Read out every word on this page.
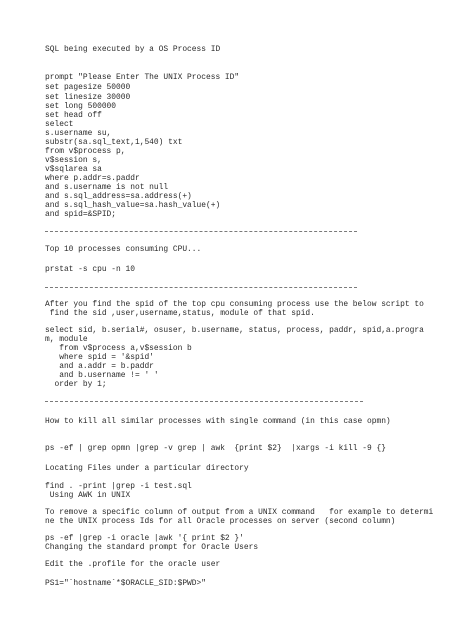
SQL being executed by a OS Process ID

prompt "Please Enter The UNIX Process ID"

set pagesize 50000

set linesize 30000

set long 500000

set head off

select

s.username su,

substr(sa.sql_text,1,540) txt

from v$process p,

v$session s,

v$sqlarea sa

where p.addr=s.paddr

and s.username is not null

and s.sql_address=sa.address(+)

and s.sql_hash_value=sa.hash_value(+)

and spid=&SPID;

Top 10 processes consuming CPU...

prstat -s cpu -n 10

After you find the spid of the top cpu consuming process use the below script to

find the sid ,user,username,status, module of that spid.

select sid, b.serial#, osuser, b.username, status, process, paddr, spid,a.progra

m, module

from v$process a,v$session b

where spid = '&spid'

and a.addr = b.paddr

and b.username != ' '

order by 1;

How to kill all similar processes with single command (in this case opmn)

ps -ef | grep opmn |grep -v grep | awk  {print $2}  |xargs -i kill -9 {}

Locating Files under a particular directory

find . -print |grep -i test.sql

Using AWK in UNIX

To remove a specific column of output from a UNIX command   for example to determi

ne the UNIX process Ids for all Oracle processes on server (second column)

ps -ef |grep -i oracle |awk '{ print $2 }'

Changing the standard prompt for Oracle Users

Edit the .profile for the oracle user

PS1="`hostname`*$ORACLE_SID:$PWD>"
